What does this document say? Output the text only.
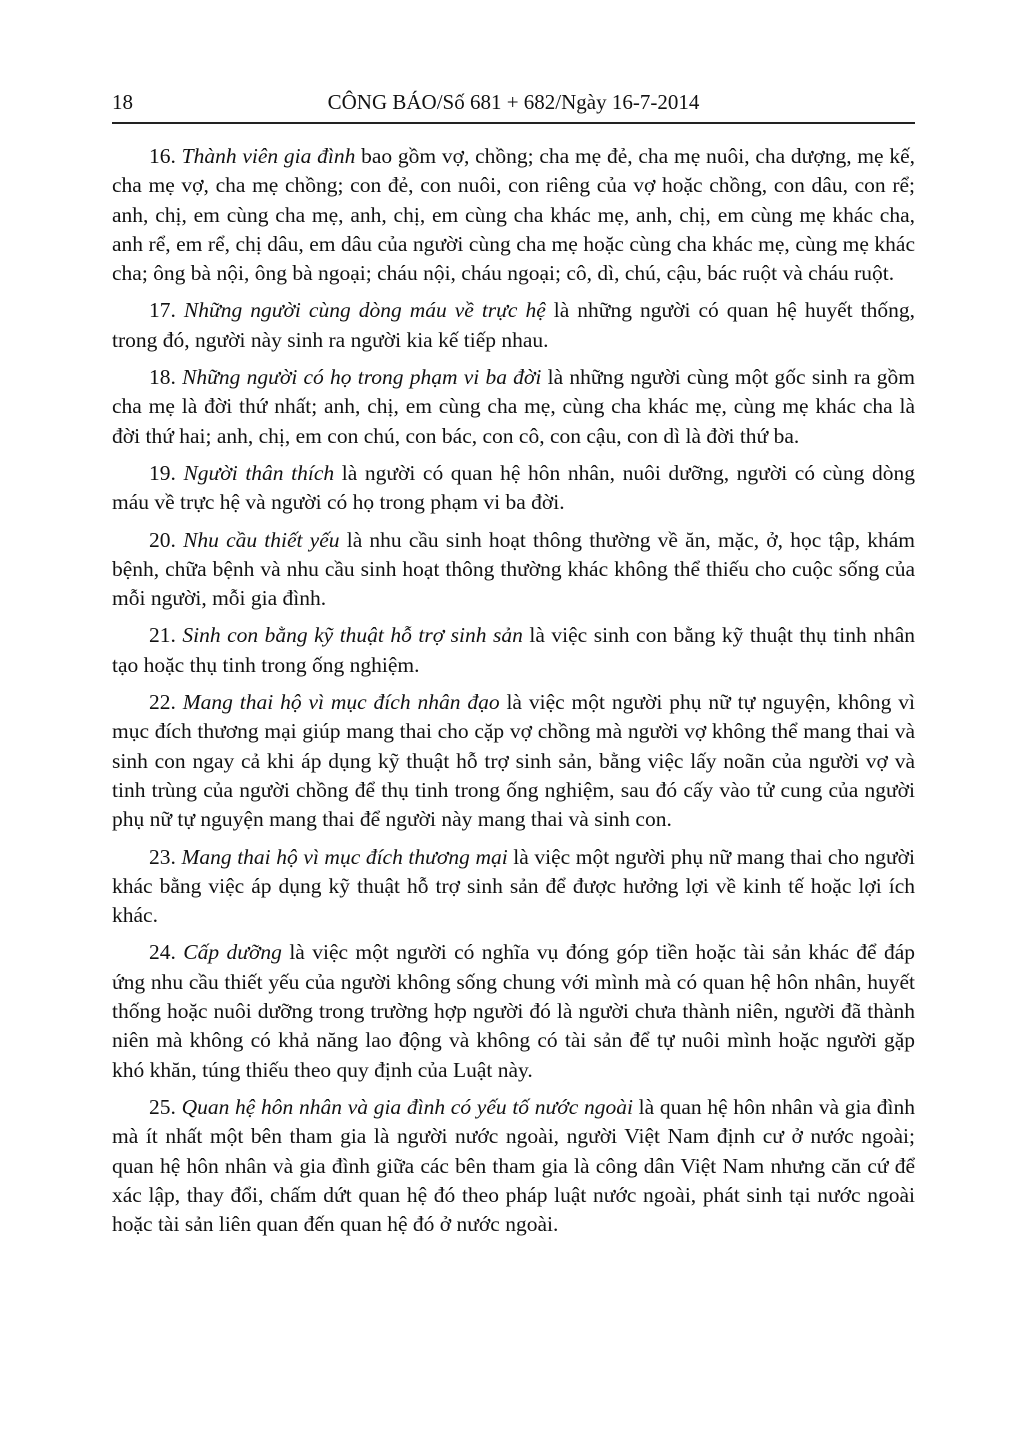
18	CÔNG BÁO/Số 681 + 682/Ngày 16-7-2014

16. Thành viên gia đình bao gồm vợ, chồng; cha mẹ đẻ, cha mẹ nuôi, cha dượng, mẹ kế, cha mẹ vợ, cha mẹ chồng; con đẻ, con nuôi, con riêng của vợ hoặc chồng, con dâu, con rể; anh, chị, em cùng cha mẹ, anh, chị, em cùng cha khác mẹ, anh, chị, em cùng mẹ khác cha, anh rể, em rể, chị dâu, em dâu của người cùng cha mẹ hoặc cùng cha khác mẹ, cùng mẹ khác cha; ông bà nội, ông bà ngoại; cháu nội, cháu ngoại; cô, dì, chú, cậu, bác ruột và cháu ruột.

17. Những người cùng dòng máu về trực hệ là những người có quan hệ huyết thống, trong đó, người này sinh ra người kia kế tiếp nhau.

18. Những người có họ trong phạm vi ba đời là những người cùng một gốc sinh ra gồm cha mẹ là đời thứ nhất; anh, chị, em cùng cha mẹ, cùng cha khác mẹ, cùng mẹ khác cha là đời thứ hai; anh, chị, em con chú, con bác, con cô, con cậu, con dì là đời thứ ba.

19. Người thân thích là người có quan hệ hôn nhân, nuôi dưỡng, người có cùng dòng máu về trực hệ và người có họ trong phạm vi ba đời.

20. Nhu cầu thiết yếu là nhu cầu sinh hoạt thông thường về ăn, mặc, ở, học tập, khám bệnh, chữa bệnh và nhu cầu sinh hoạt thông thường khác không thể thiếu cho cuộc sống của mỗi người, mỗi gia đình.

21. Sinh con bằng kỹ thuật hỗ trợ sinh sản là việc sinh con bằng kỹ thuật thụ tinh nhân tạo hoặc thụ tinh trong ống nghiệm.

22. Mang thai hộ vì mục đích nhân đạo là việc một người phụ nữ tự nguyện, không vì mục đích thương mại giúp mang thai cho cặp vợ chồng mà người vợ không thể mang thai và sinh con ngay cả khi áp dụng kỹ thuật hỗ trợ sinh sản, bằng việc lấy noãn của người vợ và tinh trùng của người chồng để thụ tinh trong ống nghiệm, sau đó cấy vào tử cung của người phụ nữ tự nguyện mang thai để người này mang thai và sinh con.

23. Mang thai hộ vì mục đích thương mại là việc một người phụ nữ mang thai cho người khác bằng việc áp dụng kỹ thuật hỗ trợ sinh sản để được hưởng lợi về kinh tế hoặc lợi ích khác.

24. Cấp dưỡng là việc một người có nghĩa vụ đóng góp tiền hoặc tài sản khác để đáp ứng nhu cầu thiết yếu của người không sống chung với mình mà có quan hệ hôn nhân, huyết thống hoặc nuôi dưỡng trong trường hợp người đó là người chưa thành niên, người đã thành niên mà không có khả năng lao động và không có tài sản để tự nuôi mình hoặc người gặp khó khăn, túng thiếu theo quy định của Luật này.

25. Quan hệ hôn nhân và gia đình có yếu tố nước ngoài là quan hệ hôn nhân và gia đình mà ít nhất một bên tham gia là người nước ngoài, người Việt Nam định cư ở nước ngoài; quan hệ hôn nhân và gia đình giữa các bên tham gia là công dân Việt Nam nhưng căn cứ để xác lập, thay đổi, chấm dứt quan hệ đó theo pháp luật nước ngoài, phát sinh tại nước ngoài hoặc tài sản liên quan đến quan hệ đó ở nước ngoài.
